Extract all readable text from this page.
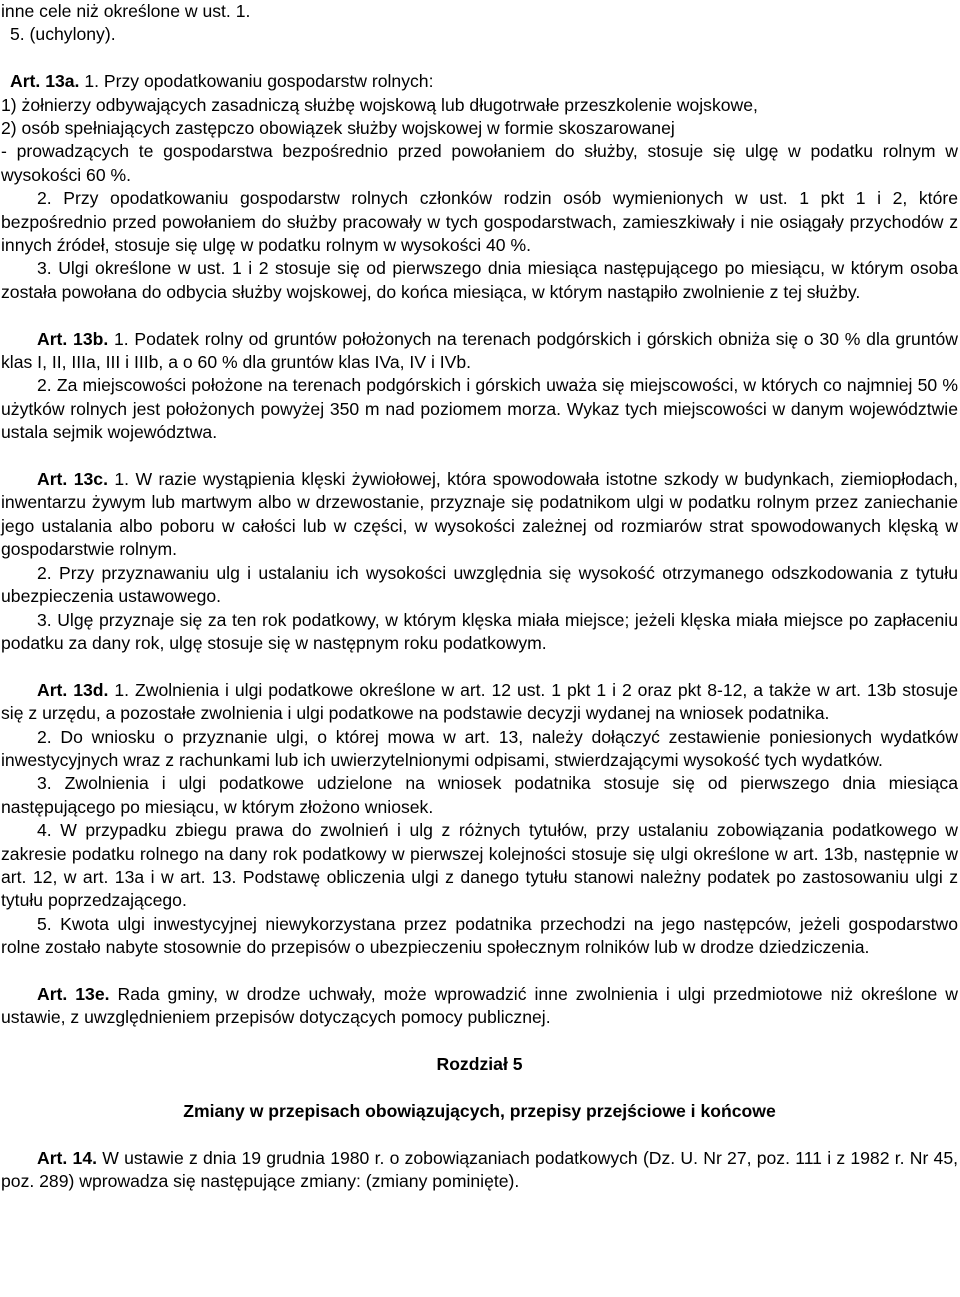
inne cele niż określone w ust. 1.

5. (uchylony).

Art. 13a. 1. Przy opodatkowaniu gospodarstw rolnych:

1) żołnierzy odbywających zasadniczą służbę wojskową lub długotrwałe przeszkolenie wojskowe,

2) osób spełniających zastępczo obowiązek służby wojskowej w formie skoszarowanej

- prowadzących te gospodarstwa bezpośrednio przed powołaniem do służby, stosuje się ulgę w podatku rolnym w wysokości 60 %.

2. Przy opodatkowaniu gospodarstw rolnych członków rodzin osób wymienionych w ust. 1 pkt 1 i 2, które bezpośrednio przed powołaniem do służby pracowały w tych gospodarstwach, zamieszkiwały i nie osiągały przychodów z innych źródeł, stosuje się ulgę w podatku rolnym w wysokości 40 %.

3. Ulgi określone w ust. 1 i 2 stosuje się od pierwszego dnia miesiąca następującego po miesiącu, w którym osoba została powołana do odbycia służby wojskowej, do końca miesiąca, w którym nastąpiło zwolnienie z tej służby.

Art. 13b. 1. Podatek rolny od gruntów położonych na terenach podgórskich i górskich obniża się o 30 % dla gruntów klas I, II, IIIa, III i IIIb, a o 60 % dla gruntów klas IVa, IV i IVb.

2. Za miejscowości położone na terenach podgórskich i górskich uważa się miejscowości, w których co najmniej 50 % użytków rolnych jest położonych powyżej 350 m nad poziomem morza. Wykaz tych miejscowości w danym województwie ustala sejmik województwa.

Art. 13c. 1. W razie wystąpienia klęski żywiołowej, która spowodowała istotne szkody w budynkach, ziemiopłodach, inwentarzu żywym lub martwym albo w drzewostanie, przyznaje się podatnikom ulgi w podatku rolnym przez zaniechanie jego ustalania albo poboru w całości lub w części, w wysokości zależnej od rozmiarów strat spowodowanych klęską w gospodarstwie rolnym.

2. Przy przyznawaniu ulg i ustalaniu ich wysokości uwzględnia się wysokość otrzymanego odszkodowania z tytułu ubezpieczenia ustawowego.

3. Ulgę przyznaje się za ten rok podatkowy, w którym klęska miała miejsce; jeżeli klęska miała miejsce po zapłaceniu podatku za dany rok, ulgę stosuje się w następnym roku podatkowym.

Art. 13d. 1. Zwolnienia i ulgi podatkowe określone w art. 12 ust. 1 pkt 1 i 2 oraz pkt 8-12, a także w art. 13b stosuje się z urzędu, a pozostałe zwolnienia i ulgi podatkowe na podstawie decyzji wydanej na wniosek podatnika.

2. Do wniosku o przyznanie ulgi, o której mowa w art. 13, należy dołączyć zestawienie poniesionych wydatków inwestycyjnych wraz z rachunkami lub ich uwierzytelnionymi odpisami, stwierdzającymi wysokość tych wydatków.

3. Zwolnienia i ulgi podatkowe udzielone na wniosek podatnika stosuje się od pierwszego dnia miesiąca następującego po miesiącu, w którym złożono wniosek.

4. W przypadku zbiegu prawa do zwolnień i ulg z różnych tytułów, przy ustalaniu zobowiązania podatkowego w zakresie podatku rolnego na dany rok podatkowy w pierwszej kolejności stosuje się ulgi określone w art. 13b, następnie w art. 12, w art. 13a i w art. 13. Podstawę obliczenia ulgi z danego tytułu stanowi należny podatek po zastosowaniu ulgi z tytułu poprzedzającego.

5. Kwota ulgi inwestycyjnej niewykorzystana przez podatnika przechodzi na jego następców, jeżeli gospodarstwo rolne zostało nabyte stosownie do przepisów o ubezpieczeniu społecznym rolników lub w drodze dziedziczenia.

Art. 13e. Rada gminy, w drodze uchwały, może wprowadzić inne zwolnienia i ulgi przedmiotowe niż określone w ustawie, z uwzględnieniem przepisów dotyczących pomocy publicznej.

Rozdział 5

Zmiany w przepisach obowiązujących, przepisy przejściowe i końcowe

Art. 14. W ustawie z dnia 19 grudnia 1980 r. o zobowiązaniach podatkowych (Dz. U. Nr 27, poz. 111 i z 1982 r. Nr 45, poz. 289) wprowadza się następujące zmiany: (zmiany pominięte).
